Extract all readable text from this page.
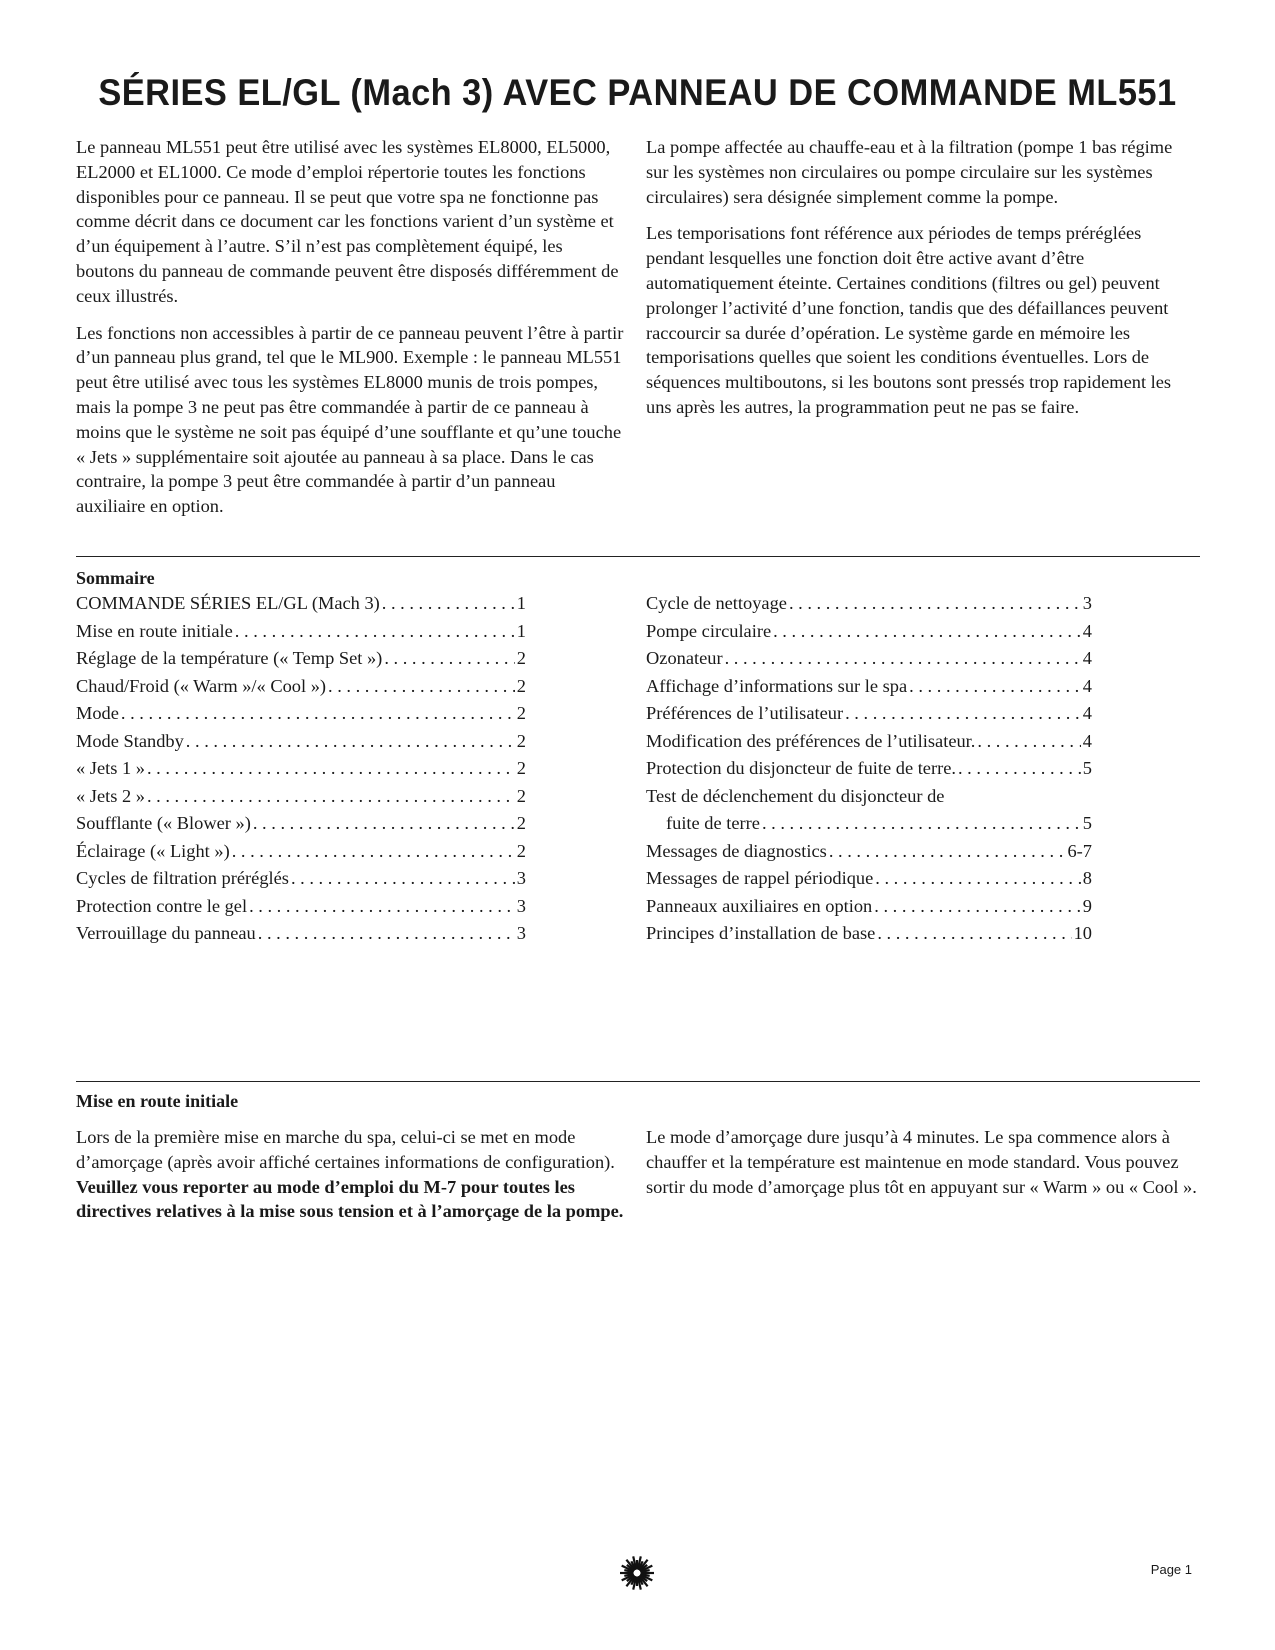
SÉRIES EL/GL (Mach 3) AVEC PANNEAU DE COMMANDE ML551

Le panneau ML551 peut être utilisé avec les systèmes EL8000, EL5000, EL2000 et EL1000. Ce mode d’emploi répertorie toutes les fonctions disponibles pour ce panneau. Il se peut que votre spa ne fonctionne pas comme décrit dans ce document car les fonctions varient d’un système et d’un équipement à l’autre. S’il n’est pas complètement équipé, les boutons du panneau de commande peuvent être disposés différemment de ceux illustrés.

Les fonctions non accessibles à partir de ce panneau peuvent l’être à partir d’un panneau plus grand, tel que le ML900. Exemple : le panneau ML551 peut être utilisé avec tous les systèmes EL8000 munis de trois pompes, mais la pompe 3 ne peut pas être commandée à partir de ce panneau à moins que le système ne soit pas équipé d’une soufflante et qu’une touche « Jets » supplémentaire soit ajoutée au panneau à sa place. Dans le cas contraire, la pompe 3 peut être commandée à partir d’un panneau auxiliaire en option.

La pompe affectée au chauffe-eau et à la filtration (pompe 1 bas régime sur les systèmes non circulaires ou pompe circulaire sur les systèmes circulaires) sera désignée simplement comme la pompe.

Les temporisations font référence aux périodes de temps préréglées pendant lesquelles une fonction doit être active avant d’être automatiquement éteinte. Certaines conditions (filtres ou gel) peuvent prolonger l’activité d’une fonction, tandis que des défaillances peuvent raccourcir sa durée d’opération. Le système garde en mémoire les temporisations quelles que soient les conditions éventuelles. Lors de séquences multiboutons, si les boutons sont pressés trop rapidement les uns après les autres, la programmation peut ne pas se faire.

Sommaire
COMMANDE SÉRIES EL/GL (Mach 3) . . .	1
Mise en route initiale . . .	1
Réglage de la température (« Temp Set ») . . .	2
Chaud/Froid (« Warm »/« Cool ») . . .	2
Mode . . .	2
Mode Standby . . .	2
« Jets 1 » . . .	2
« Jets 2 » . . .	2
Soufflante (« Blower ») . . .	2
Éclairage (« Light ») . . .	2
Cycles de filtration préréglés . . .	3
Protection contre le gel . . .	3
Verrouillage du panneau . . .	3
Cycle de nettoyage . . .	3
Pompe circulaire . . .	4
Ozonateur . . .	4
Affichage d’informations sur le spa . . .	4
Préférences de l’utilisateur . . .	4
Modification des préférences de l’utilisateur. . . .	4
Protection du disjoncteur de fuite de terre. . . .	5
Test de déclenchement du disjoncteur de
fuite de terre . . .	5
Messages de diagnostics . . .	6-7
Messages de rappel périodique . . .	8
Panneaux auxiliaires en option . . .	9
Principes d’installation de base . . .	10
Mise en route initiale

Lors de la première mise en marche du spa, celui-ci se met en mode d’amorçage (après avoir affiché certaines informations de configuration). Veuillez vous reporter au mode d’emploi du M-7 pour toutes les directives relatives à la mise sous tension et à l’amorçage de la pompe.

Le mode d’amorçage dure jusqu’à 4 minutes. Le spa commence alors à chauffer et la température est maintenue en mode standard. Vous pouvez sortir du mode d’amorçage plus tôt en appuyant sur « Warm » ou « Cool ».

Page 1
